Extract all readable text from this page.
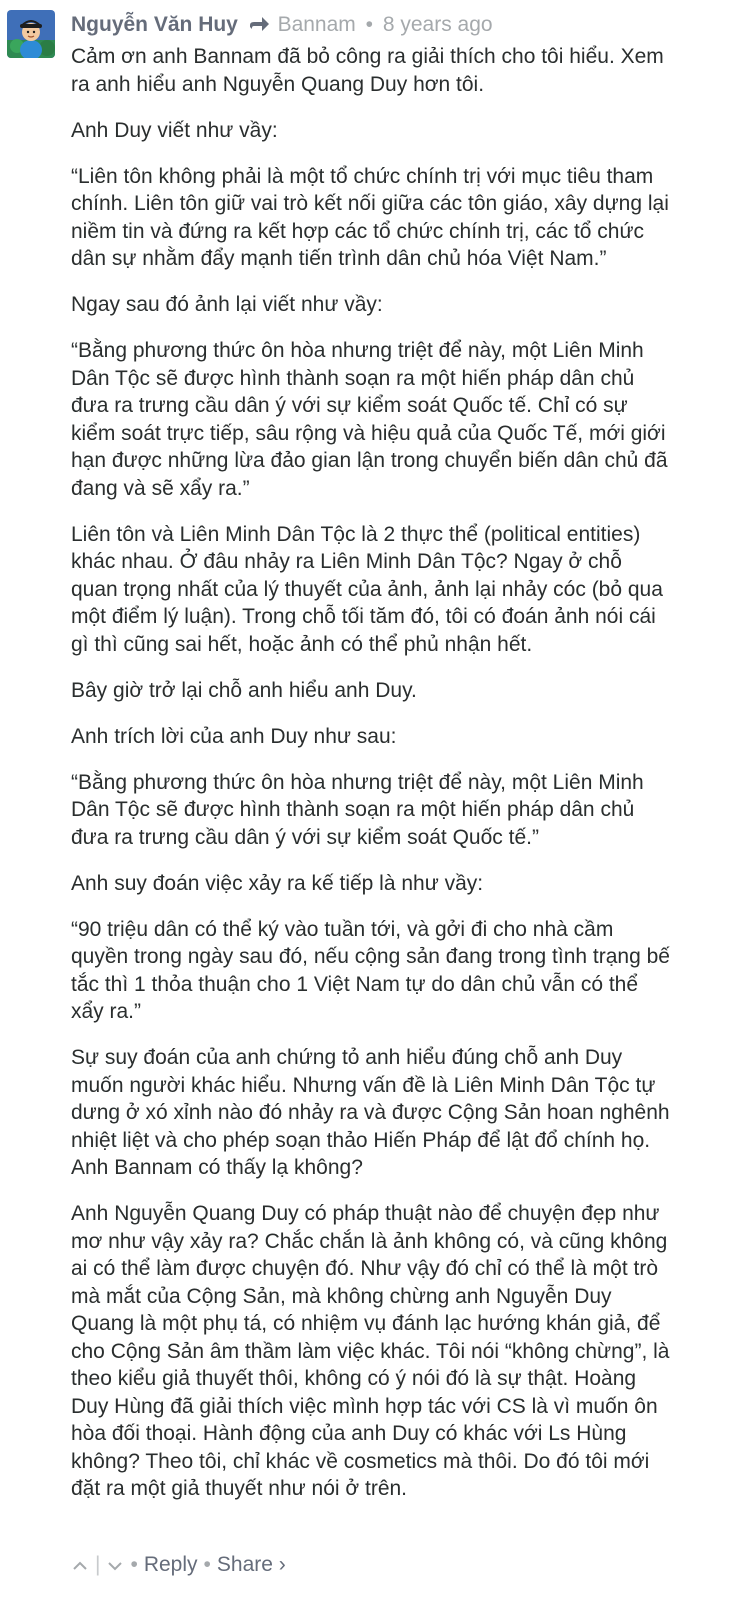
Nguyễn Văn Huy Bannam • 8 years ago

Cảm ơn anh Bannam đã bỏ công ra giải thích cho tôi hiểu. Xem
ra anh hiểu anh Nguyễn Quang Duy hơn tôi.

Anh Duy viết như vầy:

“Liên tôn không phải là một tổ chức chính trị với mục tiêu tham
chính. Liên tôn giữ vai trò kết nối giữa các tôn giáo, xây dựng lại
niềm tin và đứng ra kết hợp các tổ chức chính trị, các tổ chức
dân sự nhằm đẩy mạnh tiến trình dân chủ hóa Việt Nam.”

Ngay sau đó ảnh lại viết như vầy:

“Bằng phương thức ôn hòa nhưng triệt để này, một Liên Minh
Dân Tộc sẽ được hình thành soạn ra một hiến pháp dân chủ
đưa ra trưng cầu dân ý với sự kiểm soát Quốc tế. Chỉ có sự
kiểm soát trực tiếp, sâu rộng và hiệu quả của Quốc Tế, mới giới
hạn được những lừa đảo gian lận trong chuyển biến dân chủ đã
đang và sẽ xẩy ra.”

Liên tôn và Liên Minh Dân Tộc là 2 thực thể (political entities)
khác nhau. Ở đâu nhảy ra Liên Minh Dân Tộc? Ngay ở chỗ
quan trọng nhất của lý thuyết của ảnh, ảnh lại nhảy cóc (bỏ qua
một điểm lý luận). Trong chỗ tối tăm đó, tôi có đoán ảnh nói cái
gì thì cũng sai hết, hoặc ảnh có thể phủ nhận hết.

Bây giờ trở lại chỗ anh hiểu anh Duy.

Anh trích lời của anh Duy như sau:

“Bằng phương thức ôn hòa nhưng triệt để này, một Liên Minh
Dân Tộc sẽ được hình thành soạn ra một hiến pháp dân chủ
đưa ra trưng cầu dân ý với sự kiểm soát Quốc tế.”

Anh suy đoán việc xảy ra kế tiếp là như vầy:

“90 triệu dân có thể ký vào tuần tới, và gởi đi cho nhà cầm
quyền trong ngày sau đó, nếu cộng sản đang trong tình trạng bế
tắc thì 1 thỏa thuận cho 1 Việt Nam tự do dân chủ vẫn có thể
xẩy ra.”

Sự suy đoán của anh chứng tỏ anh hiểu đúng chỗ anh Duy
muốn người khác hiểu. Nhưng vấn đề là Liên Minh Dân Tộc tự
dưng ở xó xỉnh nào đó nhảy ra và được Cộng Sản hoan nghênh
nhiệt liệt và cho phép soạn thảo Hiến Pháp để lật đổ chính họ.
Anh Bannam có thấy lạ không?

Anh Nguyễn Quang Duy có pháp thuật nào để chuyện đẹp như
mơ như vậy xảy ra? Chắc chắn là ảnh không có, và cũng không
ai có thể làm được chuyện đó. Như vậy đó chỉ có thể là một trò
mà mắt của Cộng Sản, mà không chừng anh Nguyễn Duy
Quang là một phụ tá, có nhiệm vụ đánh lạc hướng khán giả, để
cho Cộng Sản âm thầm làm việc khác. Tôi nói “không chừng”, là
theo kiểu giả thuyết thôi, không có ý nói đó là sự thật. Hoàng
Duy Hùng đã giải thích việc mình hợp tác với CS là vì muốn ôn
hòa đối thoại. Hành động của anh Duy có khác với Ls Hùng
không? Theo tôi, chỉ khác về cosmetics mà thôi. Do đó tôi mới
đặt ra một giả thuyết như nói ở trên.

| • Reply • Share ›
